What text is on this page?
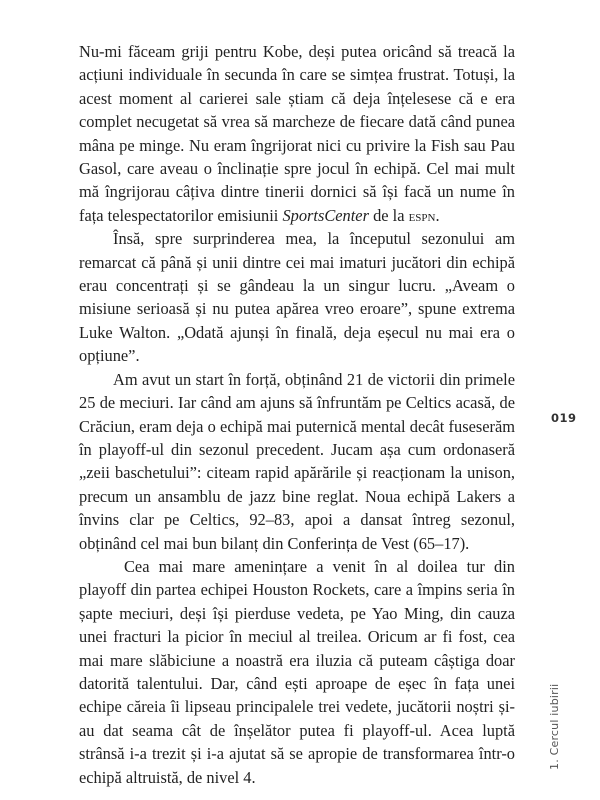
Nu-mi făceam griji pentru Kobe, deși putea oricând să treacă la acțiuni individuale în secunda în care se simțea frustrat. Totuși, la acest moment al carierei sale știam că deja înțelesese că e era complet necugetat să vrea să marcheze de fiecare dată când punea mâna pe minge. Nu eram îngrijorat nici cu privire la Fish sau Pau Gasol, care aveau o înclinație spre jocul în echipă. Cel mai mult mă îngrijorau câțiva dintre tinerii dornici să își facă un nume în fața telespectatorilor emisiunii SportsCenter de la espn.

Însă, spre surprinderea mea, la începutul sezonului am remarcat că până și unii dintre cei mai imaturi jucători din echipă erau concentrați și se gândeau la un singur lucru. „Aveam o misiune serioasă și nu putea apărea vreo eroare”, spune extrema Luke Walton. „Odată ajunși în finală, deja eșecul nu mai era o opțiune”.

Am avut un start în forță, obținând 21 de victorii din primele 25 de meciuri. Iar când am ajuns să înfruntăm pe Celtics acasă, de Crăciun, eram deja o echipă mai puternică mental decât fuseserăm în playoff-ul din sezonul precedent. Jucam așa cum ordonaseră „zeii baschetului”: citeam rapid apărările și reacționam la unison, precum un ansamblu de jazz bine reglat. Noua echipă Lakers a învins clar pe Celtics, 92–83, apoi a dansat întreg sezonul, obținând cel mai bun bilanț din Conferința de Vest (65–17).

Cea mai mare amenințare a venit în al doilea tur din playoff din partea echipei Houston Rockets, care a împins seria în șapte meciuri, deși își pierduse vedeta, pe Yao Ming, din cauza unei fracturi la picior în meciul al treilea. Oricum ar fi fost, cea mai mare slăbiciune a noastră era iluzia că puteam câștiga doar datorită talentului. Dar, când ești aproape de eșec în fața unei echipe căreia îi lipseau principalele trei vedete, jucătorii noștri și-au dat seama cât de înșelător putea fi playoff-ul. Acea luptă strânsă i-a trezit și i-a ajutat să se apropie de transformarea într-o echipă altruistă, de nivel 4.

019
1. Cercul iubirii
